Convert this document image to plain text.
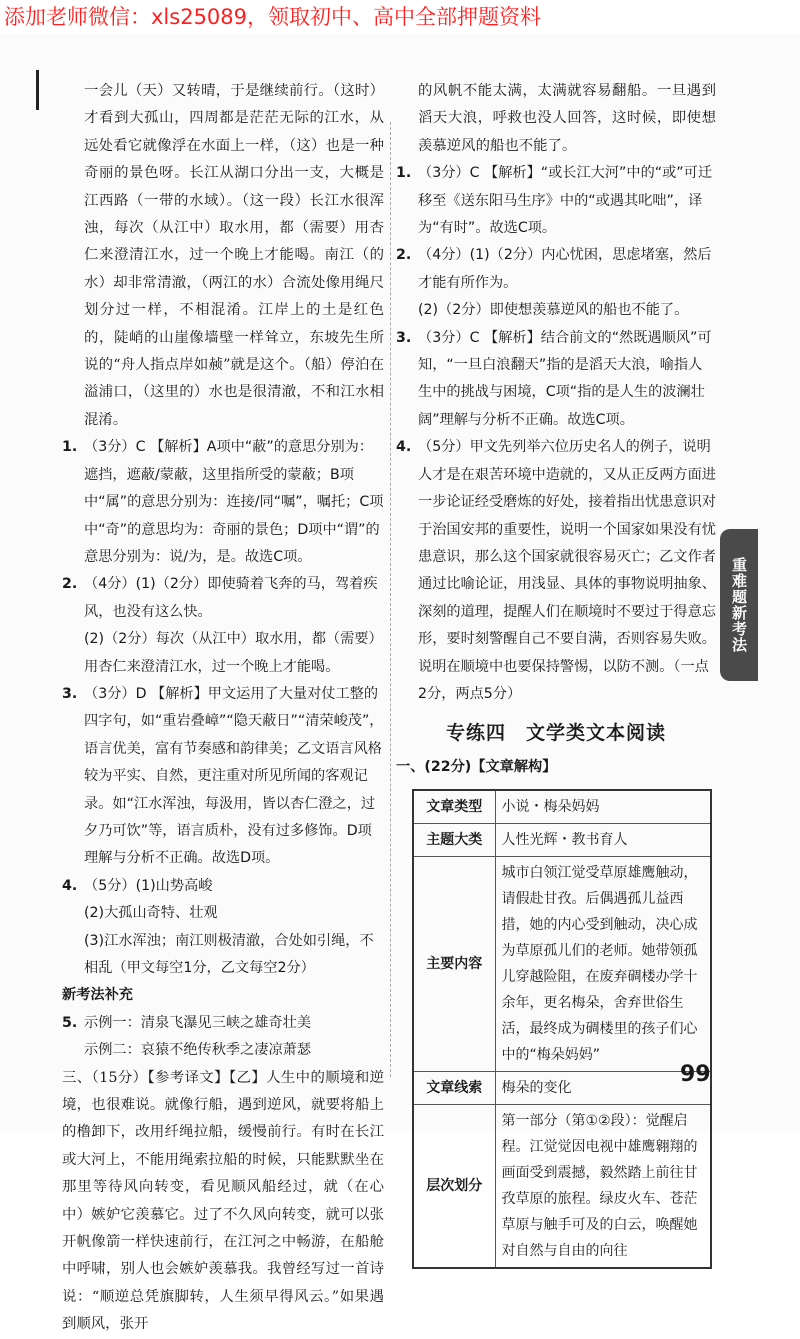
添加老师微信：xls25089，领取初中、高中全部押题资料
一会儿（天）又转晴，于是继续前行。（这时）才看到大孤山，四周都是茫茫无际的江水，从远处看它就像浮在水面上一样，（这）也是一种奇丽的景色呀。长江从湖口分出一支，大概是江西路（一带的水域）。（这一段）长江水很浑浊，每次（从江中）取水用，都（需要）用杏仁来澄清江水，过一个晚上才能喝。南江（的水）却非常清澈，（两江的水）合流处像用绳尺划分过一样，不相混淆。江岸上的土是红色的，陡峭的山崖像墙壁一样耸立，东坡先生所说的“舟人指点岸如赪”就是这个。（船）停泊在溢浦口，（这里的）水也是很清澈，不和江水相混淆。
1. （3分）C 【解析】A项中“蔽”的意思分别为：遮挡，遮蔽/蒙蔽，这里指所受的蒙蔽；B项中“属”的意思分别为：连接/同“嘱”，嘱托；C项中“奇”的意思均为：奇丽的景色；D项中“谓”的意思分别为：说/为，是。故选C项。
2. （4分）(1)（2分）即使骑着飞奔的马，驾着疾风，也没有这么快。
(2)（2分）每次（从江中）取水用，都（需要）用杏仁来澄清江水，过一个晚上才能喝。
3. （3分）D 【解析】甲文运用了大量对仗工整的四字句，如“重岩叠嶂”“隐天蔽日”“清荣峻茂”，语言优美，富有节奏感和韵律美；乙文语言风格较为平实、自然，更注重对所见所闻的客观记录。如“江水浑浊，每汲用，皆以杏仁澄之，过夕乃可饮”等，语言质朴，没有过多修饰。D项理解与分析不正确。故选D项。
4. （5分）(1)山势高峻
(2)大孤山奇特、壮观
(3)江水浑浊；南江则极清澈，合处如引绳，不相乱（甲文每空1分，乙文每空2分）
新考法补充
5. 示例一：清泉飞瀑见三峡之雄奇壮美
示例二：哀猿不绝传秋季之凄凉萧瑟
三、（15分）【参考译文】【乙】人生中的顺境和逆境，也很难说。就像行船，遇到逆风，就要将船上的橹卸下，改用纤绳拉船，缓慢前行。有时在长江或大河上，不能用绳索拉船的时候，只能默默坐在那里等待风向转变，看见顺风船经过，就（在心中）嫉妒它羡慕它。过了不久风向转变，就可以张开帆像箭一样快速前行，在江河之中畅游，在船舱中呼啸，别人也会嫉妒羡慕我。我曾经写过一首诗说：“顺逆总凭旗脚转，人生须早得风云。”如果遇到顺风，张开
的风帆不能太满，太满就容易翻船。一旦遇到滔天大浪，呼救也没人回答，这时候，即使想羡慕逆风的船也不能了。
1. （3分）C 【解析】“或长江大河”中的“或”可迁移至《送东阳马生序》中的“或遇其叱咄”，译为“有时”。故选C项。
2. （4分）(1)（2分）内心忧困，思虑堵塞，然后才能有所作为。
(2)（2分）即使想羡慕逆风的船也不能了。
3. （3分）C 【解析】结合前文的“然既遇顺风”可知，“一旦白浪翻天”指的是滔天大浪，喻指人生中的挑战与困境，C项“指的是人生的波澜壮阔”理解与分析不正确。故选C项。
4. （5分）甲文先列举六位历史名人的例子，说明人才是在艰苦环境中造就的，又从正反两方面进一步论证经受磨炼的好处，接着指出忧患意识对于治国安邦的重要性，说明一个国家如果没有忧患意识，那么这个国家就很容易灭亡；乙文作者通过比喻论证，用浅显、具体的事物说明抽象、深刻的道理，提醒人们在顺境时不要过于得意忘形，要时刻警醒自己不要自满，否则容易失败。说明在顺境中也要保持警惕，以防不测。（一点2分，两点5分）
专练四　文学类文本阅读
一、(22分)【文章解构】
文章类型	小说・梅朵妈妈
主题大类	人性光辉・教书育人
主要内容	城市白领江觉受草原雄鹰触动，请假赴甘孜。后偶遇孤儿益西措，她的内心受到触动，决心成为草原孤儿们的老师。她带领孤儿穿越险阻，在废弃碉楼办学十余年，更名梅朵，舍弃世俗生活，最终成为碉楼里的孩子们心中的“梅朵妈妈”
文章线索	梅朵的变化
层次划分	第一部分（第①②段）：觉醒启程。江觉觉因电视中雄鹰翱翔的画面受到震撼，毅然踏上前往甘孜草原的旅程。绿皮火车、苍茫草原与触手可及的白云，唤醒她对自然与自由的向往
重难题新考法
99
